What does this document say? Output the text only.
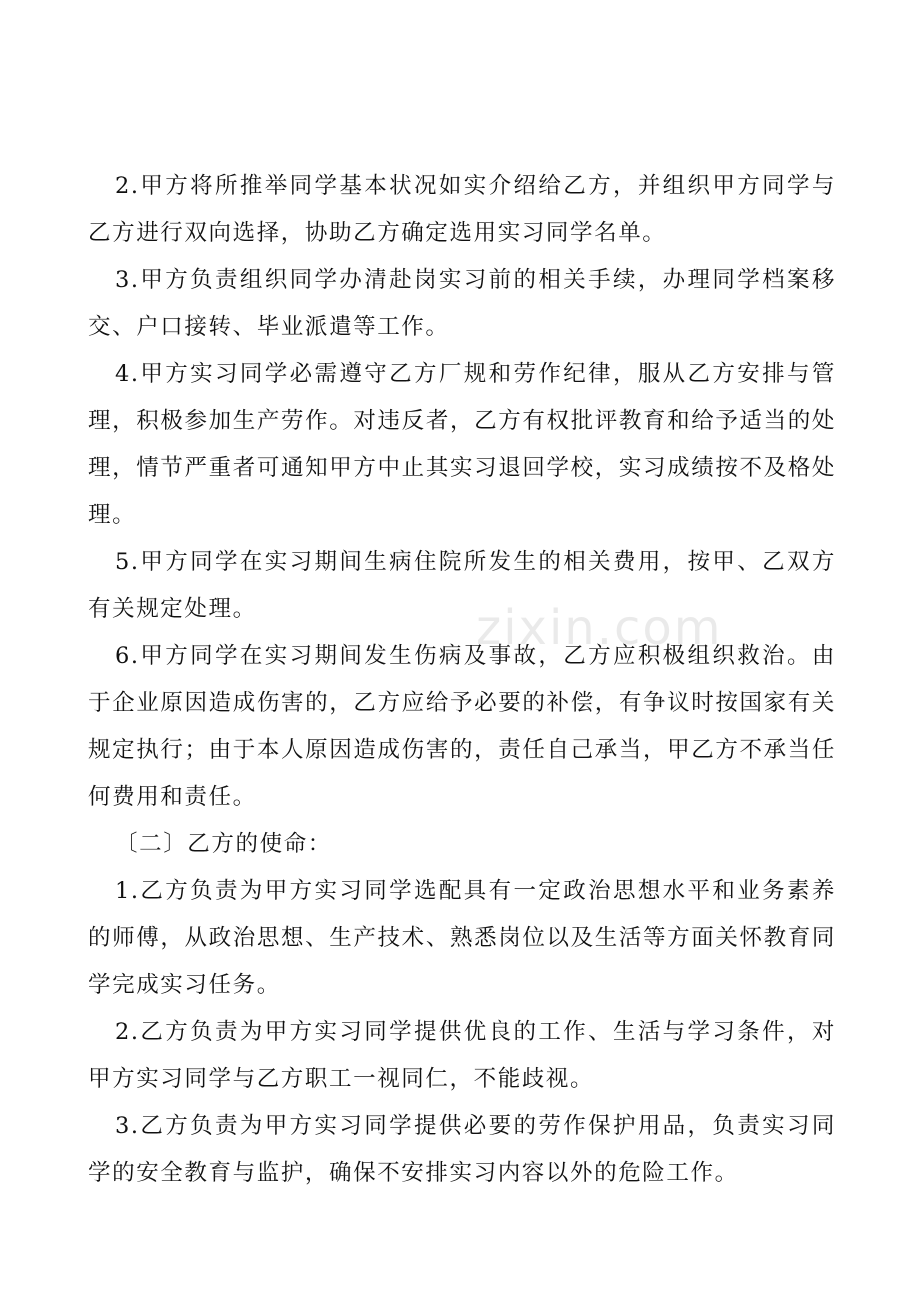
zixin.com

2.甲方将所推举同学基本状况如实介绍给乙方，并组织甲方同学与乙方进行双向选择，协助乙方确定选用实习同学名单。

3.甲方负责组织同学办清赴岗实习前的相关手续，办理同学档案移交、户口接转、毕业派遣等工作。

4.甲方实习同学必需遵守乙方厂规和劳作纪律，服从乙方安排与管理，积极参加生产劳作。对违反者，乙方有权批评教育和给予适当的处理，情节严重者可通知甲方中止其实习退回学校，实习成绩按不及格处理。

5.甲方同学在实习期间生病住院所发生的相关费用，按甲、乙双方有关规定处理。

6.甲方同学在实习期间发生伤病及事故，乙方应积极组织救治。由于企业原因造成伤害的，乙方应给予必要的补偿，有争议时按国家有关规定执行；由于本人原因造成伤害的，责任自己承当，甲乙方不承当任何费用和责任。

〔二〕乙方的使命：

1.乙方负责为甲方实习同学选配具有一定政治思想水平和业务素养的师傅，从政治思想、生产技术、熟悉岗位以及生活等方面关怀教育同学完成实习任务。

2.乙方负责为甲方实习同学提供优良的工作、生活与学习条件，对甲方实习同学与乙方职工一视同仁，不能歧视。

3.乙方负责为甲方实习同学提供必要的劳作保护用品，负责实习同学的安全教育与监护，确保不安排实习内容以外的危险工作。
